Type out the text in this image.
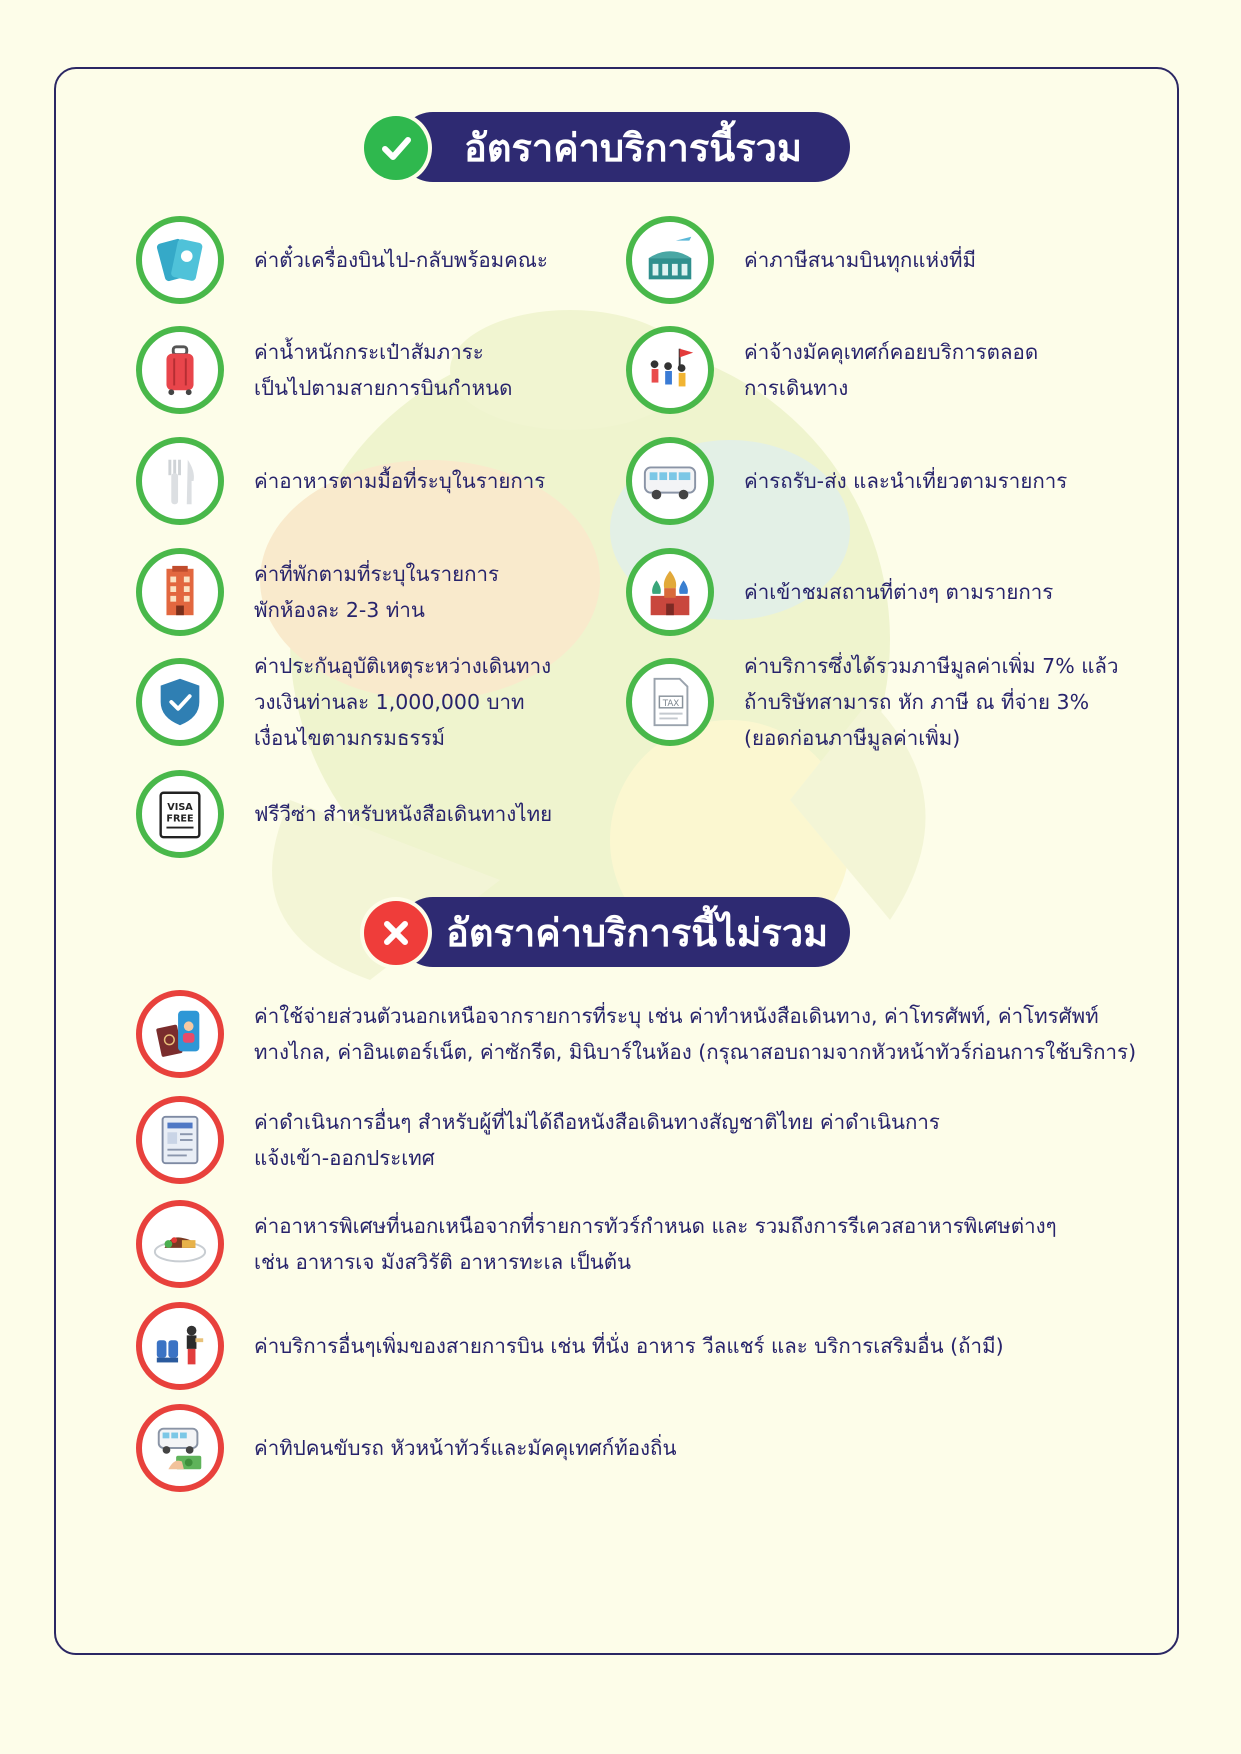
อัตราค่าบริการนี้รวม
ค่าตั๋วเครื่องบินไป-กลับพร้อมคณะ	ค่าภาษีสนามบินทุกแห่งที่มี
ค่าน้ำหนักกระเป๋าสัมภาระ
เป็นไปตามสายการบินกำหนด
ค่าจ้างมัคคุเทศก์คอยบริการตลอด
การเดินทาง
ค่าอาหารตามมื้อที่ระบุในรายการ	ค่ารถรับ-ส่ง และนำเที่ยวตามรายการ
ค่าที่พักตามที่ระบุในรายการ
พักห้องละ 2-3 ท่าน
ค่าเข้าชมสถานที่ต่างๆ ตามรายการ
ค่าประกันอุบัติเหตุระหว่างเดินทาง
วงเงินท่านละ 1,000,000 บาท
เงื่อนไขตามกรมธรรม์
TAX
ค่าบริการซึ่งได้รวมภาษีมูลค่าเพิ่ม 7% แล้ว
ถ้าบริษัทสามารถ หัก ภาษี ณ ที่จ่าย 3%
(ยอดก่อนภาษีมูลค่าเพิ่ม)
VISA
FREE	ฟรีวีซ่า สำหรับหนังสือเดินทางไทย
อัตราค่าบริการนี้ไม่รวม
ค่าใช้จ่ายส่วนตัวนอกเหนือจากรายการที่ระบุ เช่น ค่าทำหนังสือเดินทาง, ค่าโทรศัพท์, ค่าโทรศัพท์
ทางไกล, ค่าอินเตอร์เน็ต, ค่าซักรีด, มินิบาร์ในห้อง (กรุณาสอบถามจากหัวหน้าทัวร์ก่อนการใช้บริการ)
ค่าดำเนินการอื่นๆ สำหรับผู้ที่ไม่ได้ถือหนังสือเดินทางสัญชาติไทย ค่าดำเนินการ
แจ้งเข้า-ออกประเทศ
ค่าอาหารพิเศษที่นอกเหนือจากที่รายการทัวร์กำหนด และ รวมถึงการรีเควสอาหารพิเศษต่างๆ
เช่น อาหารเจ มังสวิรัติ อาหารทะเล เป็นต้น
ค่าบริการอื่นๆเพิ่มของสายการบิน เช่น ที่นั่ง อาหาร วีลแชร์ และ บริการเสริมอื่น (ถ้ามี)
ค่าทิปคนขับรถ หัวหน้าทัวร์และมัคคุเทศก์ท้องถิ่น
